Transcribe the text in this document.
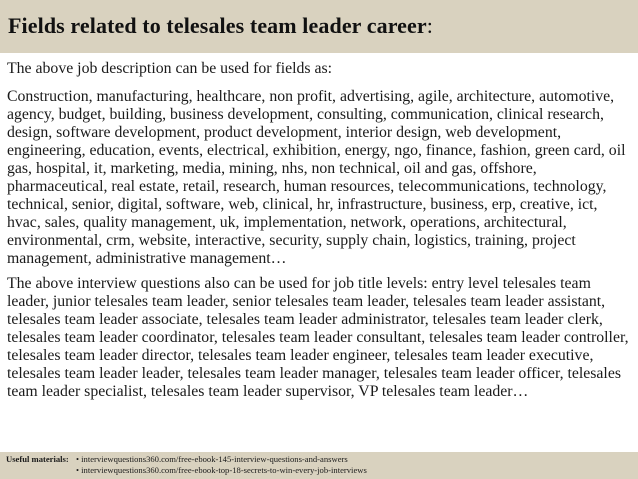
Fields related to telesales team leader career:

The above job description can be used for fields as:

Construction, manufacturing, healthcare, non profit, advertising, agile, architecture, automotive, agency, budget, building, business development, consulting, communication, clinical research, design, software development, product development, interior design, web development, engineering, education, events, electrical, exhibition, energy, ngo, finance, fashion, green card, oil gas, hospital, it, marketing, media, mining, nhs, non technical, oil and gas, offshore, pharmaceutical, real estate, retail, research, human resources, telecommunications, technology, technical, senior, digital, software, web, clinical, hr, infrastructure, business, erp, creative, ict, hvac, sales, quality management, uk, implementation, network, operations, architectural, environmental, crm, website, interactive, security, supply chain, logistics, training, project management, administrative management…

The above interview questions also can be used for job title levels: entry level telesales team leader, junior telesales team leader, senior telesales team leader, telesales team leader assistant, telesales team leader associate, telesales team leader administrator, telesales team leader clerk, telesales team leader coordinator, telesales team leader consultant, telesales team leader controller, telesales team leader director, telesales team leader engineer, telesales team leader executive, telesales team leader leader, telesales team leader manager, telesales team leader officer, telesales team leader specialist, telesales team leader supervisor, VP telesales team leader…

Useful materials: • interviewquestions360.com/free-ebook-145-interview-questions-and-answers
• interviewquestions360.com/free-ebook-top-18-secrets-to-win-every-job-interviews
